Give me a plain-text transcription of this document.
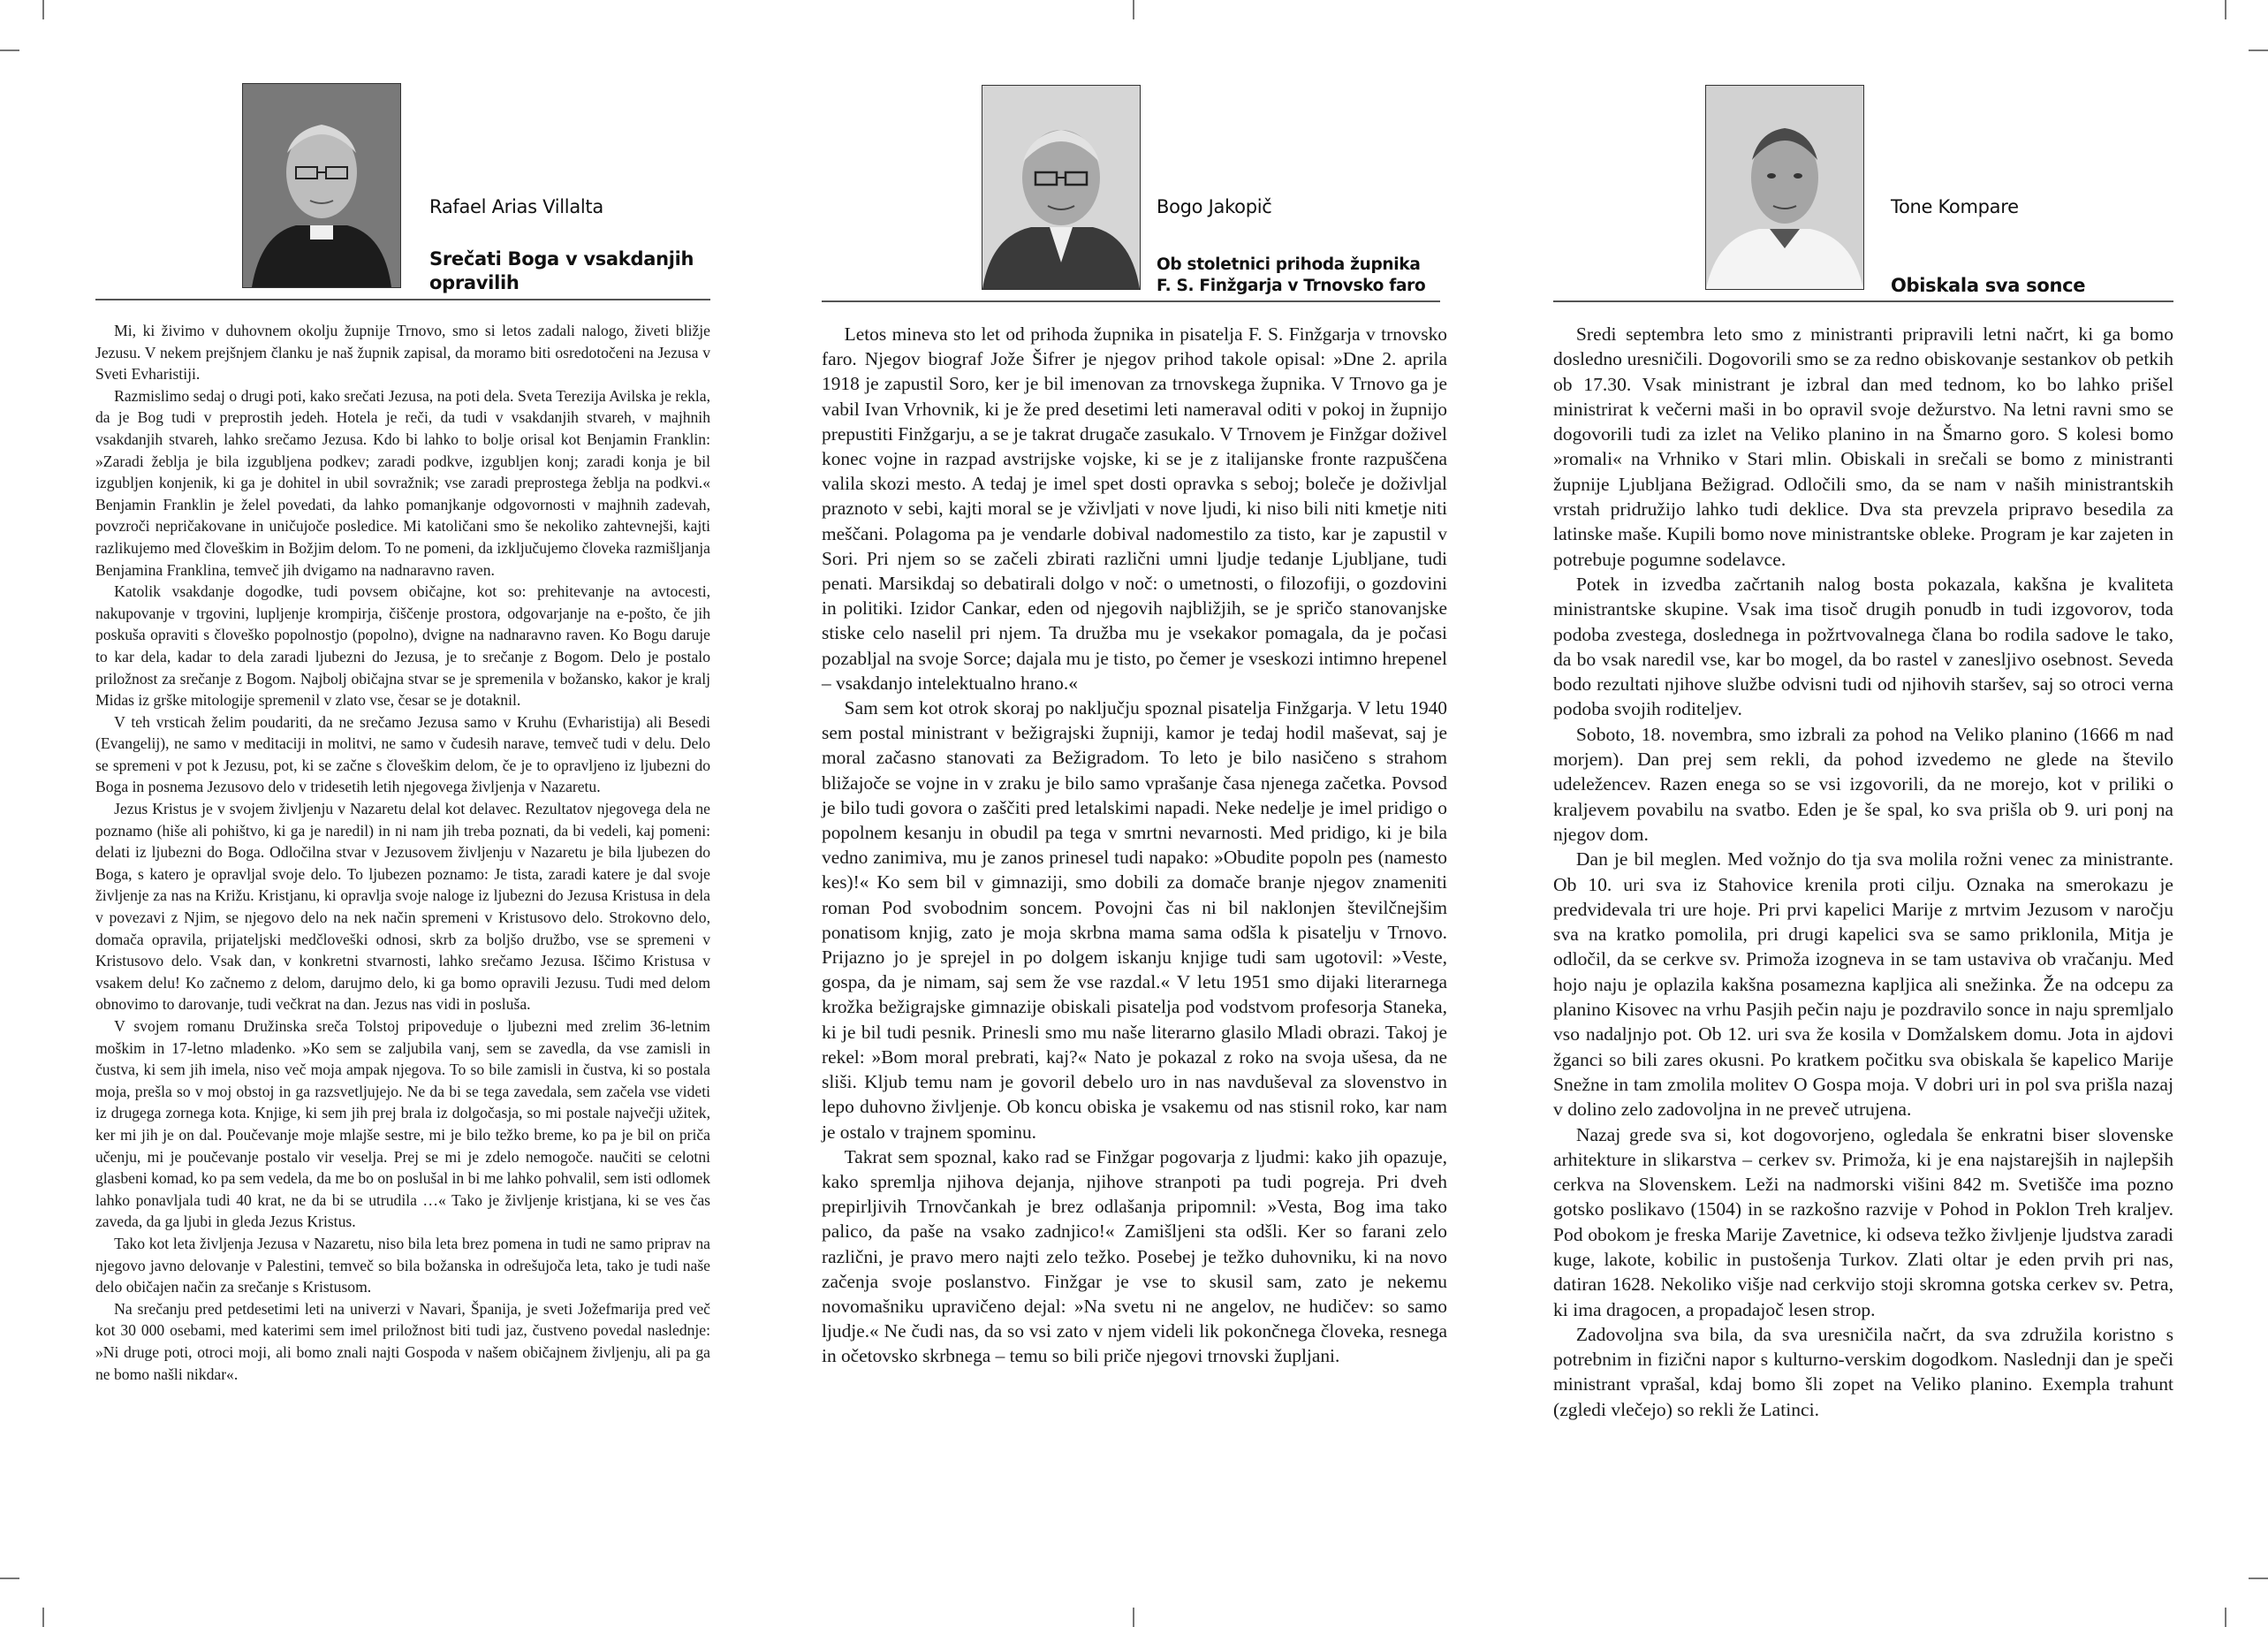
Rafael Arias Villalta
Srečati Boga v vsakdanjih
opravilih

Mi, ki živimo v duhovnem okolju župnije Trnovo, smo si letos zadali nalogo, živeti bližje Jezusu. V nekem prejšnjem članku je naš župnik zapisal, da moramo biti osredotočeni na Jezusa v Sveti Evharistiji.

Razmislimo sedaj o drugi poti, kako srečati Jezusa, na poti dela. Sveta Terezija Avilska je rekla, da je Bog tudi v preprostih jedeh. Hotela je reči, da tudi v vsakdanjih stvareh, v majhnih vsakdanjih stvareh, lahko srečamo Jezusa. Kdo bi lahko to bolje orisal kot Benjamin Franklin: »Zaradi žeblja je bila izgubljena podkev; zaradi podkve, izgubljen konj; zaradi konja je bil izgubljen konjenik, ki ga je dohitel in ubil sovražnik; vse zaradi preprostega žeblja na podkvi.« Benjamin Franklin je želel povedati, da lahko pomanjkanje odgovornosti v majhnih zadevah, povzroči nepričakovane in uničujoče posledice. Mi katoličani smo še nekoliko zahtevnejši, kajti razlikujemo med človeškim in Božjim delom. To ne pomeni, da izključujemo človeka razmišljanja Benjamina Franklina, temveč jih dvigamo na nadnaravno raven.

Katolik vsakdanje dogodke, tudi povsem običajne, kot so: prehitevanje na avtocesti, nakupovanje v trgovini, lupljenje krompirja, čiščenje prostora, odgovarjanje na e-pošto, če jih poskuša opraviti s človeško popolnostjo (popolno), dvigne na nadnaravno raven. Ko Bogu daruje to kar dela, kadar to dela zaradi ljubezni do Jezusa, je to srečanje z Bogom. Delo je postalo priložnost za srečanje z Bogom. Najbolj običajna stvar se je spremenila v božansko, kakor je kralj Midas iz grške mitologije spremenil v zlato vse, česar se je dotaknil.

V teh vrsticah želim poudariti, da ne srečamo Jezusa samo v Kruhu (Evharistija) ali Besedi (Evangelij), ne samo v meditaciji in molitvi, ne samo v čudesih narave, temveč tudi v delu. Delo se spremeni v pot k Jezusu, pot, ki se začne s človeškim delom, če je to opravljeno iz ljubezni do Boga in posnema Jezusovo delo v tridesetih letih njegovega življenja v Nazaretu.

Jezus Kristus je v svojem življenju v Nazaretu delal kot delavec. Rezultatov njegovega dela ne poznamo (hiše ali pohištvo, ki ga je naredil) in ni nam jih treba poznati, da bi vedeli, kaj pomeni: delati iz ljubezni do Boga. Odločilna stvar v Jezusovem življenju v Nazaretu je bila ljubezen do Boga, s katero je opravljal svoje delo. To ljubezen poznamo: Je tista, zaradi katere je dal svoje življenje za nas na Križu. Kristjanu, ki opravlja svoje naloge iz ljubezni do Jezusa Kristusa in dela v povezavi z Njim, se njegovo delo na nek način spremeni v Kristusovo delo. Strokovno delo, domača opravila, prijateljski medčloveški odnosi, skrb za boljšo družbo, vse se spremeni v Kristusovo delo. Vsak dan, v konkretni stvarnosti, lahko srečamo Jezusa. Iščimo Kristusa v vsakem delu! Ko začnemo z delom, darujmo delo, ki ga bomo opravili Jezusu. Tudi med delom obnovimo to darovanje, tudi večkrat na dan. Jezus nas vidi in posluša.

V svojem romanu Družinska sreča Tolstoj pripoveduje o ljubezni med zrelim 36-letnim moškim in 17-letno mladenko. »Ko sem se zaljubila vanj, sem se zavedla, da vse zamisli in čustva, ki sem jih imela, niso več moja ampak njegova. To so bile zamisli in čustva, ki so postala moja, prešla so v moj obstoj in ga razsvetljujejo. Ne da bi se tega zavedala, sem začela vse videti iz drugega zornega kota. Knjige, ki sem jih prej brala iz dolgočasja, so mi postale največji užitek, ker mi jih je on dal. Poučevanje moje mlajše sestre, mi je bilo težko breme, ko pa je bil on priča učenju, mi je poučevanje postalo vir veselja. Prej se mi je zdelo nemogoče. naučiti se celotni glasbeni komad, ko pa sem vedela, da me bo on poslušal in bi me lahko pohvalil, sem isti odlomek lahko ponavljala tudi 40 krat, ne da bi se utrudila …« Tako je življenje kristjana, ki se ves čas zaveda, da ga ljubi in gleda Jezus Kristus.

Tako kot leta življenja Jezusa v Nazaretu, niso bila leta brez pomena in tudi ne samo priprav na njegovo javno delovanje v Palestini, temveč so bila božanska in odrešujoča leta, tako je tudi naše delo običajen način za srečanje s Kristusom.

Na srečanju pred petdesetimi leti na univerzi v Navari, Španija, je sveti Jožefmarija pred več kot 30 000 osebami, med katerimi sem imel priložnost biti tudi jaz, čustveno povedal naslednje: »Ni druge poti, otroci moji, ali bomo znali najti Gospoda v našem običajnem življenju, ali pa ga ne bomo našli nikdar«.

Bogo Jakopič
Ob stoletnici prihoda župnika
F. S. Finžgarja v Trnovsko faro

Letos mineva sto let od prihoda župnika in pisatelja F. S. Finžgarja v trnovsko faro. Njegov biograf Jože Šifrer je njegov prihod takole opisal: »Dne 2. aprila 1918 je zapustil Soro, ker je bil imenovan za trnovskega župnika. V Trnovo ga je vabil Ivan Vrhovnik, ki je že pred desetimi leti nameraval oditi v pokoj in župnijo prepustiti Finžgarju, a se je takrat drugače zasukalo. V Trnovem je Finžgar doživel konec vojne in razpad avstrijske vojske, ki se je z italijanske fronte razpuščena valila skozi mesto. A tedaj je imel spet dosti opravka s seboj; boleče je doživljal praznoto v sebi, kajti moral se je vživljati v nove ljudi, ki niso bili niti kmetje niti meščani. Polagoma pa je vendarle dobival nadomestilo za tisto, kar je zapustil v Sori. Pri njem so se začeli zbirati različni umni ljudje tedanje Ljubljane, tudi penati. Marsikdaj so debatirali dolgo v noč: o umetnosti, o filozofiji, o gozdovini in politiki. Izidor Cankar, eden od njegovih najbližjih, se je spričo stanovanjske stiske celo naselil pri njem. Ta družba mu je vsekakor pomagala, da je počasi pozabljal na svoje Sorce; dajala mu je tisto, po čemer je vseskozi intimno hrepenel – vsakdanjo intelektualno hrano.«

Sam sem kot otrok skoraj po naključju spoznal pisatelja Finžgarja. V letu 1940 sem postal ministrant v bežigrajski župniji, kamor je tedaj hodil maševat, saj je moral začasno stanovati za Bežigradom. To leto je bilo nasičeno s strahom bližajoče se vojne in v zraku je bilo samo vprašanje časa njenega začetka. Povsod je bilo tudi govora o zaščiti pred letalskimi napadi. Neke nedelje je imel pridigo o popolnem kesanju in obudil pa tega v smrtni nevarnosti. Med pridigo, ki je bila vedno zanimiva, mu je zanos prinesel tudi napako: »Obudite popoln pes (namesto kes)!« Ko sem bil v gimnaziji, smo dobili za domače branje njegov znameniti roman Pod svobodnim soncem. Povojni čas ni bil naklonjen številčnejšim ponatisom knjig, zato je moja skrbna mama sama odšla k pisatelju v Trnovo. Prijazno jo je sprejel in po dolgem iskanju knjige tudi sam ugotovil: »Veste, gospa, da je nimam, saj sem že vse razdal.« V letu 1951 smo dijaki literarnega krožka bežigrajske gimnazije obiskali pisatelja pod vodstvom profesorja Staneka, ki je bil tudi pesnik. Prinesli smo mu naše literarno glasilo Mladi obrazi. Takoj je rekel: »Bom moral prebrati, kaj?« Nato je pokazal z roko na svoja ušesa, da ne sliši. Kljub temu nam je govoril debelo uro in nas navduševal za slovenstvo in lepo duhovno življenje. Ob koncu obiska je vsakemu od nas stisnil roko, kar nam je ostalo v trajnem spominu.

Takrat sem spoznal, kako rad se Finžgar pogovarja z ljudmi: kako jih opazuje, kako spremlja njihova dejanja, njihove stranpoti pa tudi pogreja. Pri dveh prepirljivih Trnovčankah je brez odlašanja pripomnil: »Vesta, Bog ima tako palico, da paše na vsako zadnjico!« Zamišljeni sta odšli. Ker so farani zelo različni, je pravo mero najti zelo težko. Posebej je težko duhovniku, ki na novo začenja svoje poslanstvo. Finžgar je vse to skusil sam, zato je nekemu novomašniku upravičeno dejal: »Na svetu ni ne angelov, ne hudičev: so samo ljudje.« Ne čudi nas, da so vsi zato v njem videli lik pokončnega človeka, resnega in očetovsko skrbnega – temu so bili priče njegovi trnovski župljani.

Tone Kompare
Obiskala sva sonce

Sredi septembra leto smo z ministranti pripravili letni načrt, ki ga bomo dosledno uresničili. Dogovorili smo se za redno obiskovanje sestankov ob petkih ob 17.30. Vsak ministrant je izbral dan med tednom, ko bo lahko prišel ministrirat k večerni maši in bo opravil svoje dežurstvo. Na letni ravni smo se dogovorili tudi za izlet na Veliko planino in na Šmarno goro. S kolesi bomo »romali« na Vrhniko v Stari mlin. Obiskali in srečali se bomo z ministranti župnije Ljubljana Bežigrad. Odločili smo, da se nam v naših ministrantskih vrstah pridružijo lahko tudi deklice. Dva sta prevzela pripravo besedila za latinske maše. Kupili bomo nove ministrantske obleke. Program je kar zajeten in potrebuje pogumne sodelavce.

Potek in izvedba začrtanih nalog bosta pokazala, kakšna je kvaliteta ministrantske skupine. Vsak ima tisoč drugih ponudb in tudi izgovorov, toda podoba zvestega, doslednega in požrtvovalnega člana bo rodila sadove le tako, da bo vsak naredil vse, kar bo mogel, da bo rastel v zanesljivo osebnost. Seveda bodo rezultati njihove službe odvisni tudi od njihovih staršev, saj so otroci verna podoba svojih roditeljev.

Soboto, 18. novembra, smo izbrali za pohod na Veliko planino (1666 m nad morjem). Dan prej sem rekli, da pohod izvedemo ne glede na število udeležencev. Razen enega so se vsi izgovorili, da ne morejo, kot v priliki o kraljevem povabilu na svatbo. Eden je še spal, ko sva prišla ob 9. uri ponj na njegov dom.

Dan je bil meglen. Med vožnjo do tja sva molila rožni venec za ministrante. Ob 10. uri sva iz Stahovice krenila proti cilju. Oznaka na smerokazu je predvidevala tri ure hoje. Pri prvi kapelici Marije z mrtvim Jezusom v naročju sva na kratko pomolila, pri drugi kapelici sva se samo priklonila, Mitja je odločil, da se cerkve sv. Primoža izogneva in se tam ustaviva ob vračanju. Med hojo naju je oplazila kakšna posamezna kapljica ali snežinka. Že na odcepu za planino Kisovec na vrhu Pasjih pečin naju je pozdravilo sonce in naju spremljalo vso nadaljnjo pot. Ob 12. uri sva že kosila v Domžalskem domu. Jota in ajdovi žganci so bili zares okusni. Po kratkem počitku sva obiskala še kapelico Marije Snežne in tam zmolila molitev O Gospa moja. V dobri uri in pol sva prišla nazaj v dolino zelo zadovoljna in ne preveč utrujena.

Nazaj grede sva si, kot dogovorjeno, ogledala še enkratni biser slovenske arhitekture in slikarstva – cerkev sv. Primoža, ki je ena najstarejših in najlepših cerkva na Slovenskem. Leži na nadmorski višini 842 m. Svetišče ima pozno gotsko poslikavo (1504) in se razkošno razvije v Pohod in Poklon Treh kraljev. Pod obokom je freska Marije Zavetnice, ki odseva težko življenje ljudstva zaradi kuge, lakote, kobilic in pustošenja Turkov. Zlati oltar je eden prvih pri nas, datiran 1628. Nekoliko višje nad cerkvijo stoji skromna gotska cerkev sv. Petra, ki ima dragocen, a propadajoč lesen strop.

Zadovoljna sva bila, da sva uresničila načrt, da sva združila koristno s potrebnim in fizični napor s kulturno-verskim dogodkom. Naslednji dan je speči ministrant vprašal, kdaj bomo šli zopet na Veliko planino. Exempla trahunt (zgledi vlečejo) so rekli že Latinci.
